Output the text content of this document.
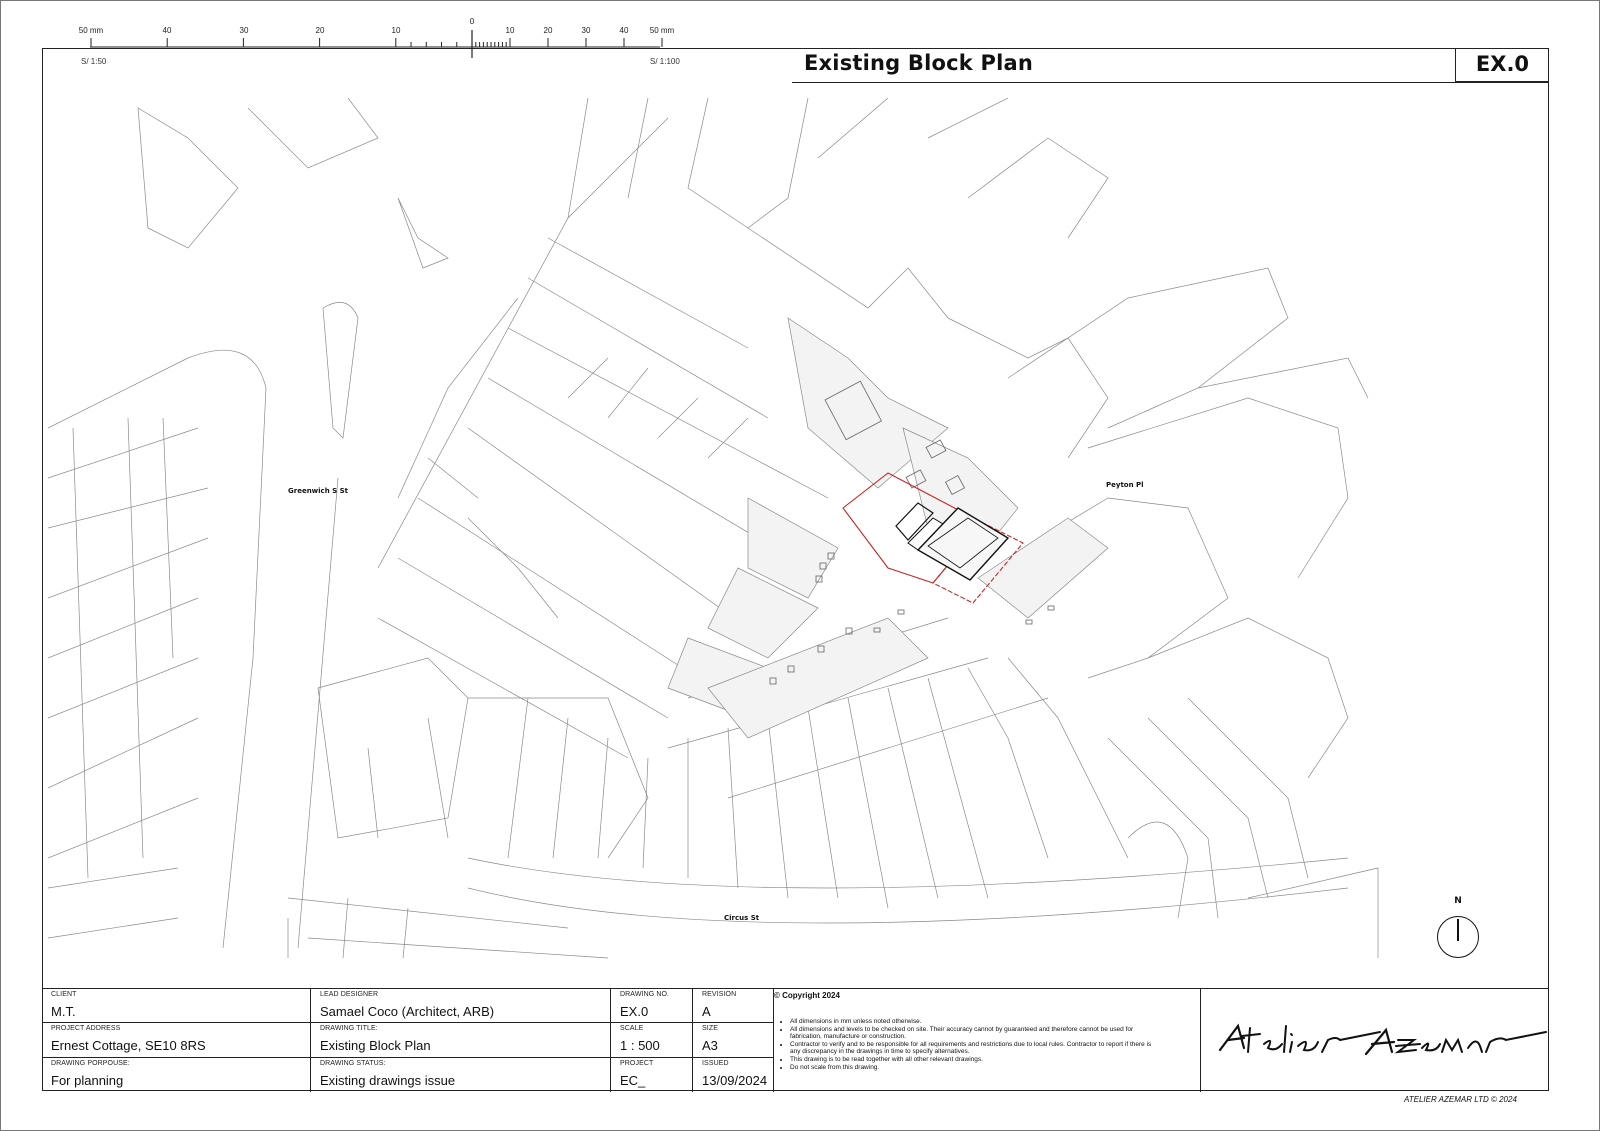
50 mm	40	30	20	10
0
10	20	30	40	50 mm
S/ 1:50	S/ 1:100	Existing Block Plan	EX.0
Greenwich S St
Peyton Pl
Circus St
N
CLIENT
M.T.
PROJECT ADDRESS
Ernest Cottage, SE10 8RS
DRAWING PORPOUSE:
For planning
LEAD DESIGNER
Samael Coco (Architect, ARB)
DRAWING TITLE:
Existing Block Plan
DRAWING STATUS:
Existing drawings issue
DRAWING NO.
EX.0
REVISION
A
SCALE
1 : 500
SIZE
A3
PROJECT
EC_
ISSUED
13/09/2024
© Copyright 2024
• All dimensions in mm unless noted otherwise.
• All dimensions and levels to be checked on site. Their accuracy cannot by guaranteed and therefore cannot be used for fabrication, manufacture or construction.
• Contractor to verify and to be responsible for all requirements and restrictions due to local rules. Contractor to report if there is any discrepancy in the drawings in time to specify alternatives.
• This drawing is to be read together with all other relevant drawings.
• Do not scale from this drawing.
ATELIER AZEMAR LTD © 2024
